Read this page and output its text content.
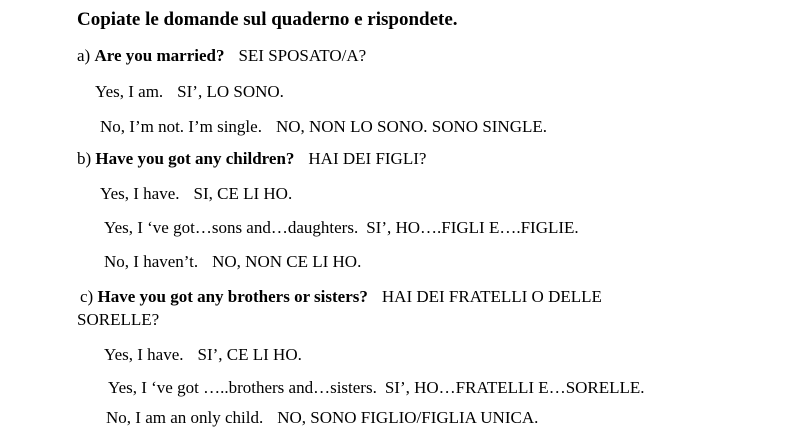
Copiate le domande sul quaderno e rispondete.
a) Are you married? SEI SPOSATO/A?
Yes, I am. SI’, LO SONO.
No, I’m not. I’m single. NO, NON LO SONO. SONO SINGLE.
b) Have you got any children? HAI DEI FIGLI?
Yes, I have. SI, CE LI HO.
Yes, I ‘ve got…sons and…daughters. SI’, HO….FIGLI E….FIGLIE.
No, I haven’t. NO, NON CE LI HO.
c) Have you got any brothers or sisters? HAI DEI FRATELLI O DELLE
SORELLE?
Yes, I have. SI’, CE LI HO.
Yes, I ‘ve got …..brothers and…sisters. SI’, HO…FRATELLI E…SORELLE.
No, I am an only child. NO, SONO FIGLIO/FIGLIA UNICA.
